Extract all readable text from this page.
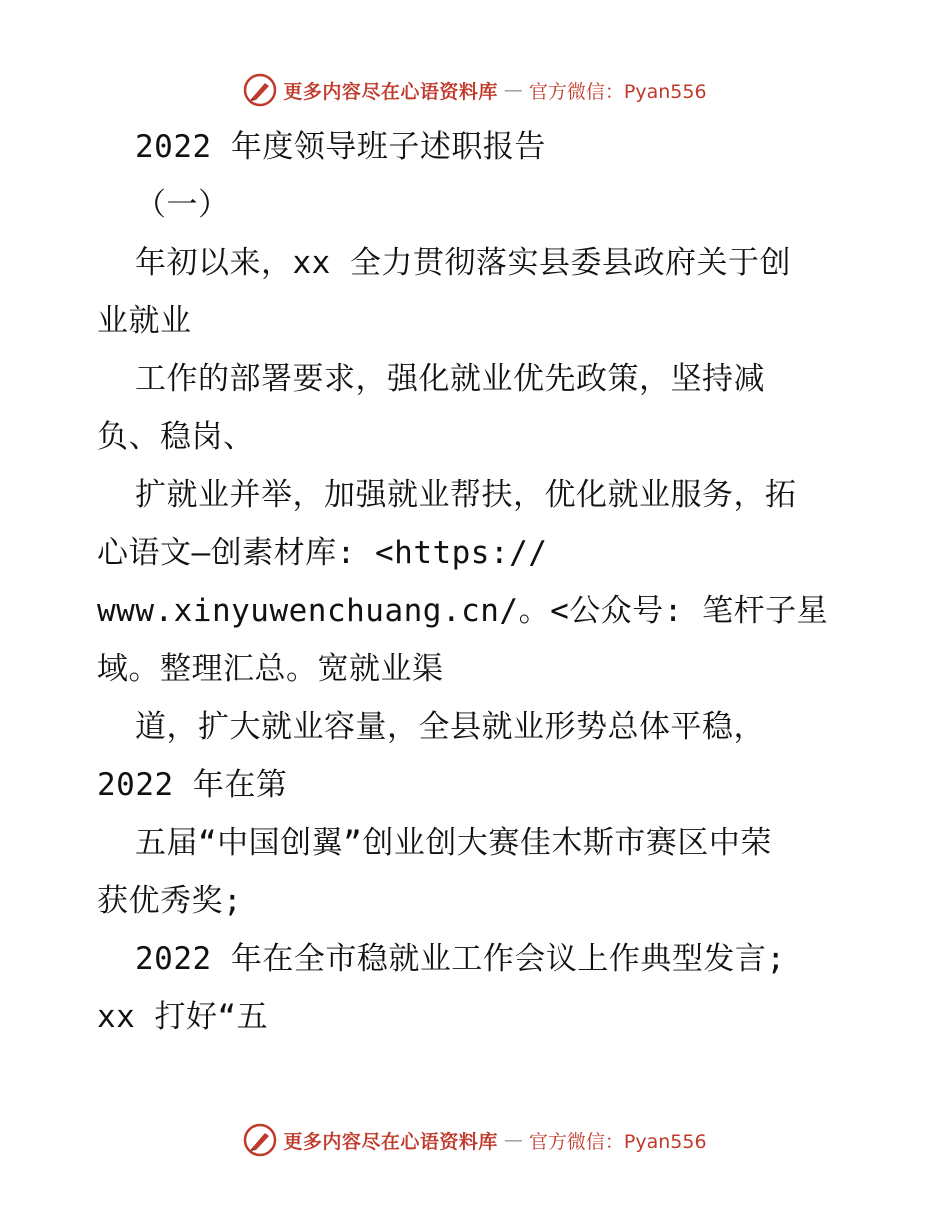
更多内容尽在心语资料库 — 官方微信：Pyan556
2022 年度领导班子述职报告
（一）
年初以来，xx 全力贯彻落实县委县政府关于创
业就业
工作的部署要求，强化就业优先政策，坚持减
负、稳岗、
扩就业并举，加强就业帮扶，优化就业服务，拓
心语文—创素材库: <https://
www.xinyuwenchuang.cn/。<公众号: 笔杆子星
域。整理汇总。宽就业渠
道，扩大就业容量，全县就业形势总体平稳，
2022 年在第
五届“中国创翼”创业创大赛佳木斯市赛区中荣
获优秀奖;
2022 年在全市稳就业工作会议上作典型发言;
xx 打好“五
更多内容尽在心语资料库 — 官方微信：Pyan556
